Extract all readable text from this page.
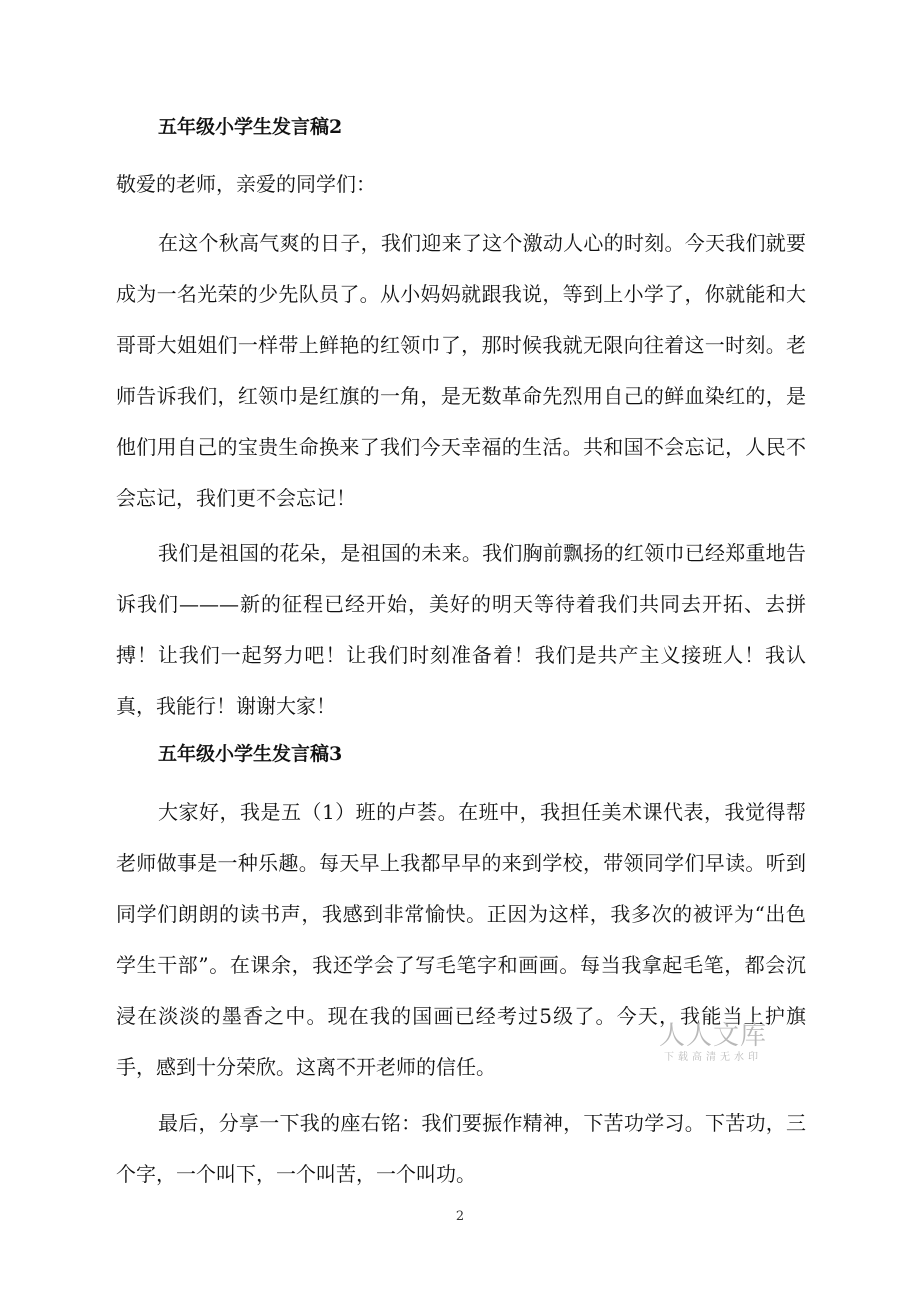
五年级小学生发言稿2
敬爱的老师，亲爱的同学们：

在这个秋高气爽的日子，我们迎来了这个激动人心的时刻。今天我们就要成为一名光荣的少先队员了。从小妈妈就跟我说，等到上小学了，你就能和大哥哥大姐姐们一样带上鲜艳的红领巾了，那时候我就无限向往着这一时刻。老师告诉我们，红领巾是红旗的一角，是无数革命先烈用自己的鲜血染红的，是他们用自己的宝贵生命换来了我们今天幸福的生活。共和国不会忘记，人民不会忘记，我们更不会忘记！

我们是祖国的花朵，是祖国的未来。我们胸前飘扬的红领巾已经郑重地告诉我们———新的征程已经开始，美好的明天等待着我们共同去开拓、去拼搏！让我们一起努力吧！让我们时刻准备着！我们是共产主义接班人！我认真，我能行！谢谢大家！

五年级小学生发言稿3

大家好，我是五（1）班的卢荟。在班中，我担任美术课代表，我觉得帮老师做事是一种乐趣。每天早上我都早早的来到学校，带领同学们早读。听到同学们朗朗的读书声，我感到非常愉快。正因为这样，我多次的被评为“出色学生干部”。在课余，我还学会了写毛笔字和画画。每当我拿起毛笔，都会沉浸在淡淡的墨香之中。现在我的国画已经考过5级了。今天，我能当上护旗手，感到十分荣欣。这离不开老师的信任。

最后，分享一下我的座右铭：我们要振作精神，下苦功学习。下苦功，三个字，一个叫下，一个叫苦，一个叫功。

人人文库
下载高清无水印
2
